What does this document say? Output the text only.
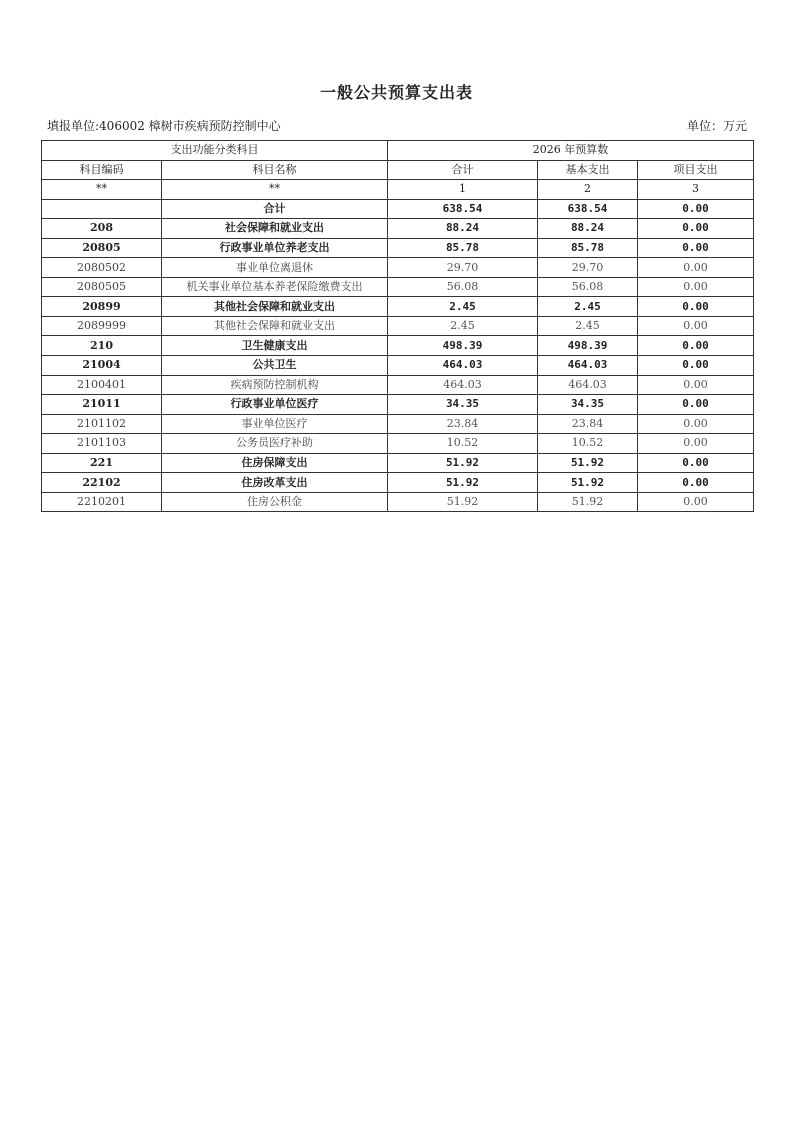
一般公共预算支出表
填报单位:406002 樟树市疾病预防控制中心	单位：万元
支出功能分类科目		2026 年预算数		
科目编码	科目名称	合计	基本支出	项目支出
**	**	1	2	3
	合计	638.54	638.54	0.00
208	社会保障和就业支出	88.24	88.24	0.00
20805	行政事业单位养老支出	85.78	85.78	0.00
2080502	事业单位离退休	29.70	29.70	0.00
2080505	机关事业单位基本养老保险缴费支出	56.08	56.08	0.00
20899	其他社会保障和就业支出	2.45	2.45	0.00
2089999	其他社会保障和就业支出	2.45	2.45	0.00
210	卫生健康支出	498.39	498.39	0.00
21004	公共卫生	464.03	464.03	0.00
2100401	疾病预防控制机构	464.03	464.03	0.00
21011	行政事业单位医疗	34.35	34.35	0.00
2101102	事业单位医疗	23.84	23.84	0.00
2101103	公务员医疗补助	10.52	10.52	0.00
221	住房保障支出	51.92	51.92	0.00
22102	住房改革支出	51.92	51.92	0.00
2210201	住房公积金	51.92	51.92	0.00
